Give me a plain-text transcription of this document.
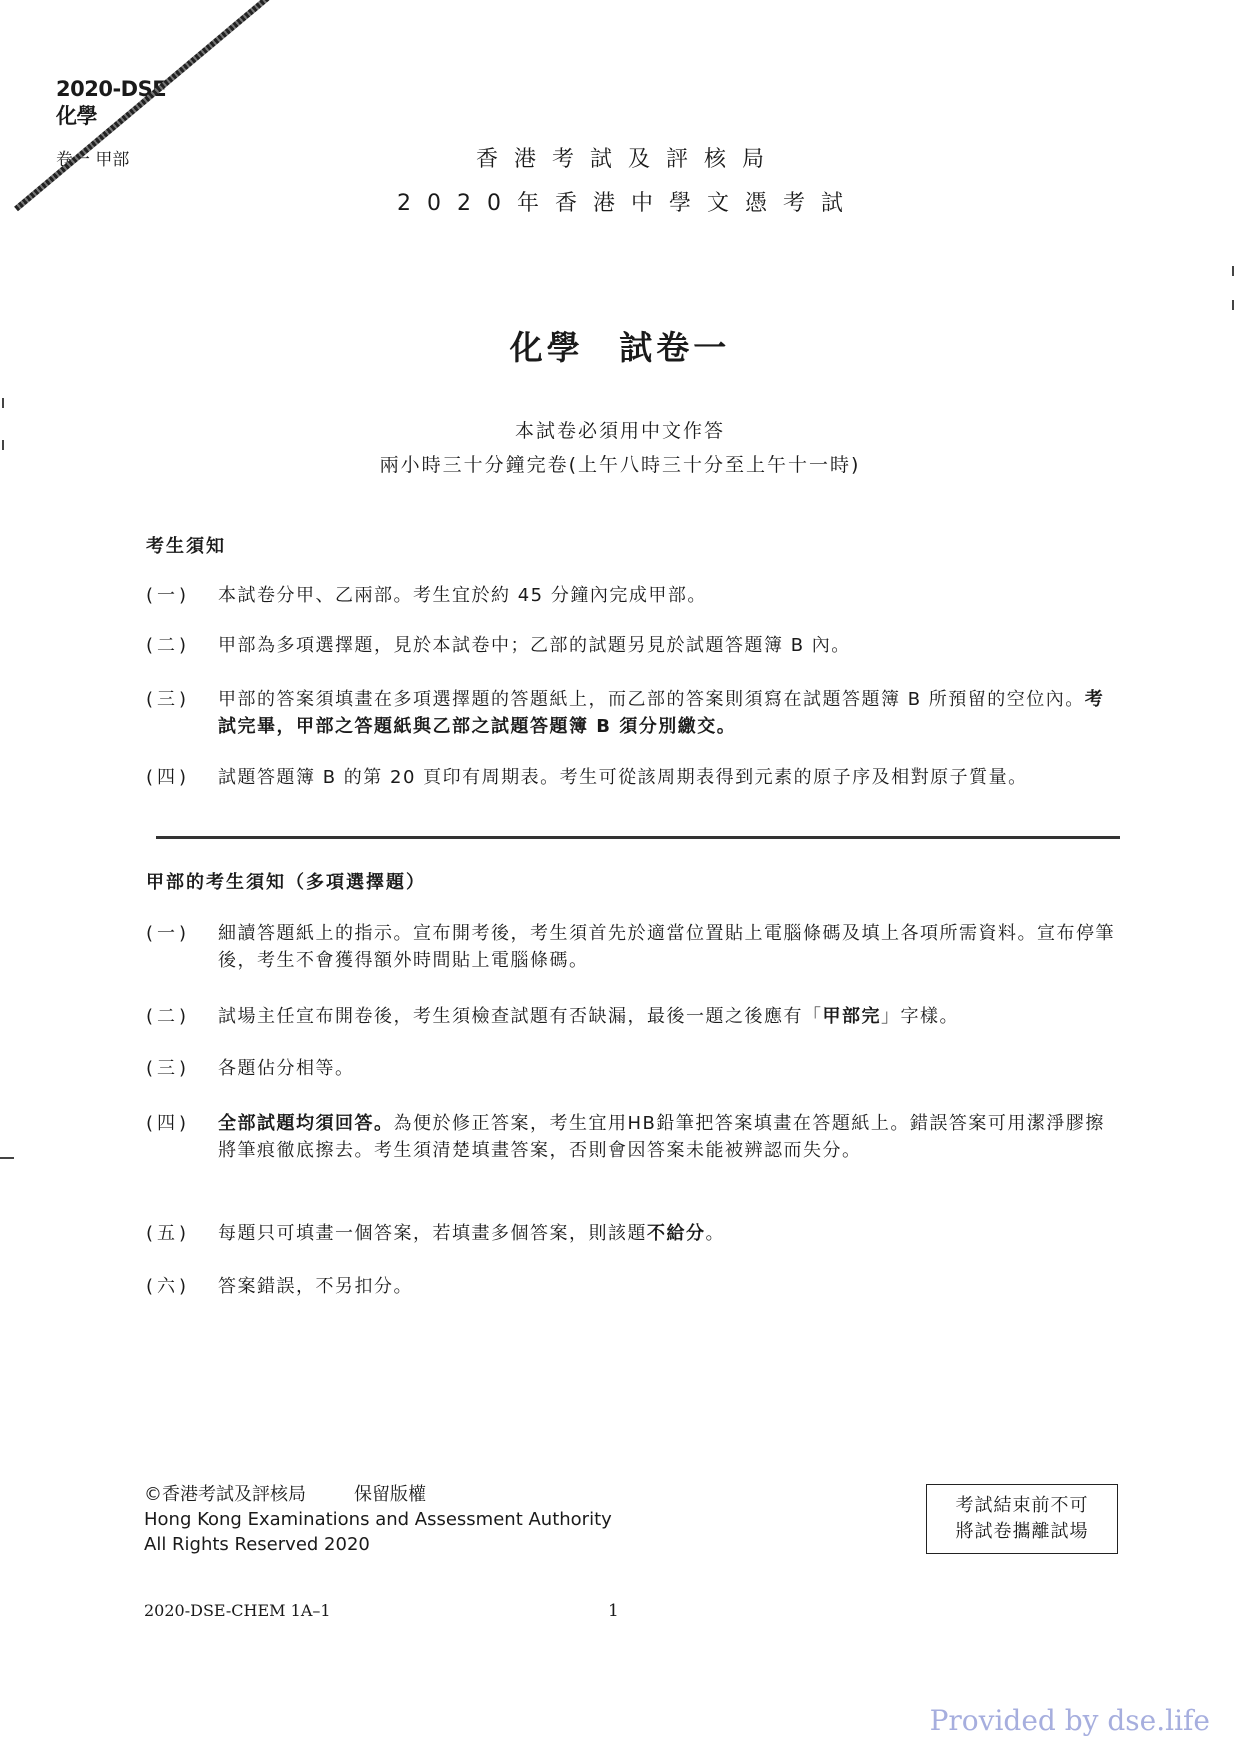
2020-DSE
化學
卷一 甲部	香港考試及評核局
2020年香港中學文憑考試
化學 試卷一
本試卷必須用中文作答
兩小時三十分鐘完卷(上午八時三十分至上午十一時)
考生須知
(一)	本試卷分甲、乙兩部。考生宜於約 45 分鐘內完成甲部。
(二)	甲部為多項選擇題，見於本試卷中；乙部的試題另見於試題答題簿 B 內。
(三)	甲部的答案須填畫在多項選擇題的答題紙上，而乙部的答案則須寫在試題答題簿 B 所預留的空位內。考試完畢，甲部之答題紙與乙部之試題答題簿 B 須分別繳交。
(四)	試題答題簿 B 的第 20 頁印有周期表。考生可從該周期表得到元素的原子序及相對原子質量。
甲部的考生須知（多項選擇題）
(一)	細讀答題紙上的指示。宣布開考後，考生須首先於適當位置貼上電腦條碼及填上各項所需資料。宣布停筆後，考生不會獲得額外時間貼上電腦條碼。
(二)	試場主任宣布開卷後，考生須檢查試題有否缺漏，最後一題之後應有「甲部完」字樣。
(三)	各題佔分相等。
(四)	全部試題均須回答。為便於修正答案，考生宜用HB鉛筆把答案填畫在答題紙上。錯誤答案可用潔淨膠擦將筆痕徹底擦去。考生須清楚填畫答案，否則會因答案未能被辨認而失分。
(五)	每題只可填畫一個答案，若填畫多個答案，則該題不給分。
(六)	答案錯誤，不另扣分。
©香港考試及評核局	保留版權
Hong Kong Examinations and Assessment Authority
All Rights Reserved 2020
考試結束前不可
將試卷攜離試場
2020-DSE-CHEM 1A–1	1
Provided by dse.life
